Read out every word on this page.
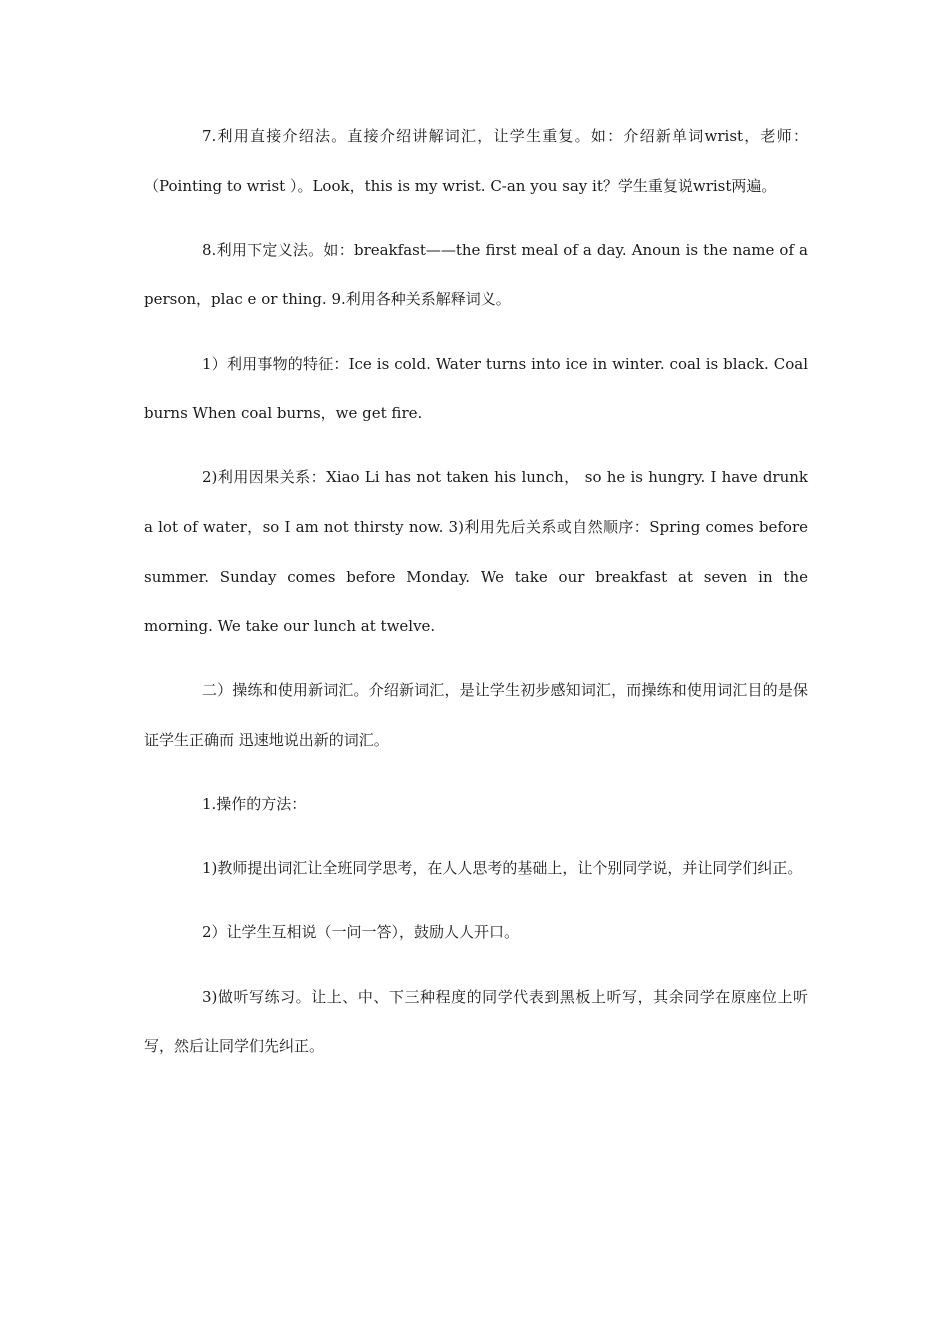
7.利用直接介绍法。直接介绍讲解词汇，让学生重复。如：介绍新单词wrist，老师：（Pointing to wrist ）。Look，this is my wrist. C-an you say it？学生重复说wrist两遍。

8.利用下定义法。如：breakfast——the first meal of a day. Anoun is the name of a person，plac e or thing. 9.利用各种关系解释词义。

1）利用事物的特征：Ice is cold. Water turns into ice in winter. coal is black. Coal burns When coal burns，we get fire.

2)利用因果关系：Xiao Li has not taken his lunch， so he is hungry. I have drunk a lot of water，so I am not thirsty now. 3)利用先后关系或自然顺序：Spring comes before summer. Sunday comes before Monday. We take our breakfast at seven in the morning. We take our lunch at twelve.

二）操练和使用新词汇。介绍新词汇，是让学生初步感知词汇，而操练和使用词汇目的是保证学生正确而 迅速地说出新的词汇。

1.操作的方法：

1)教师提出词汇让全班同学思考，在人人思考的基础上，让个别同学说，并让同学们纠正。

2）让学生互相说（一问一答），鼓励人人开口。

3)做听写练习。让上、中、下三种程度的同学代表到黑板上听写，其余同学在原座位上听写，然后让同学们先纠正。
